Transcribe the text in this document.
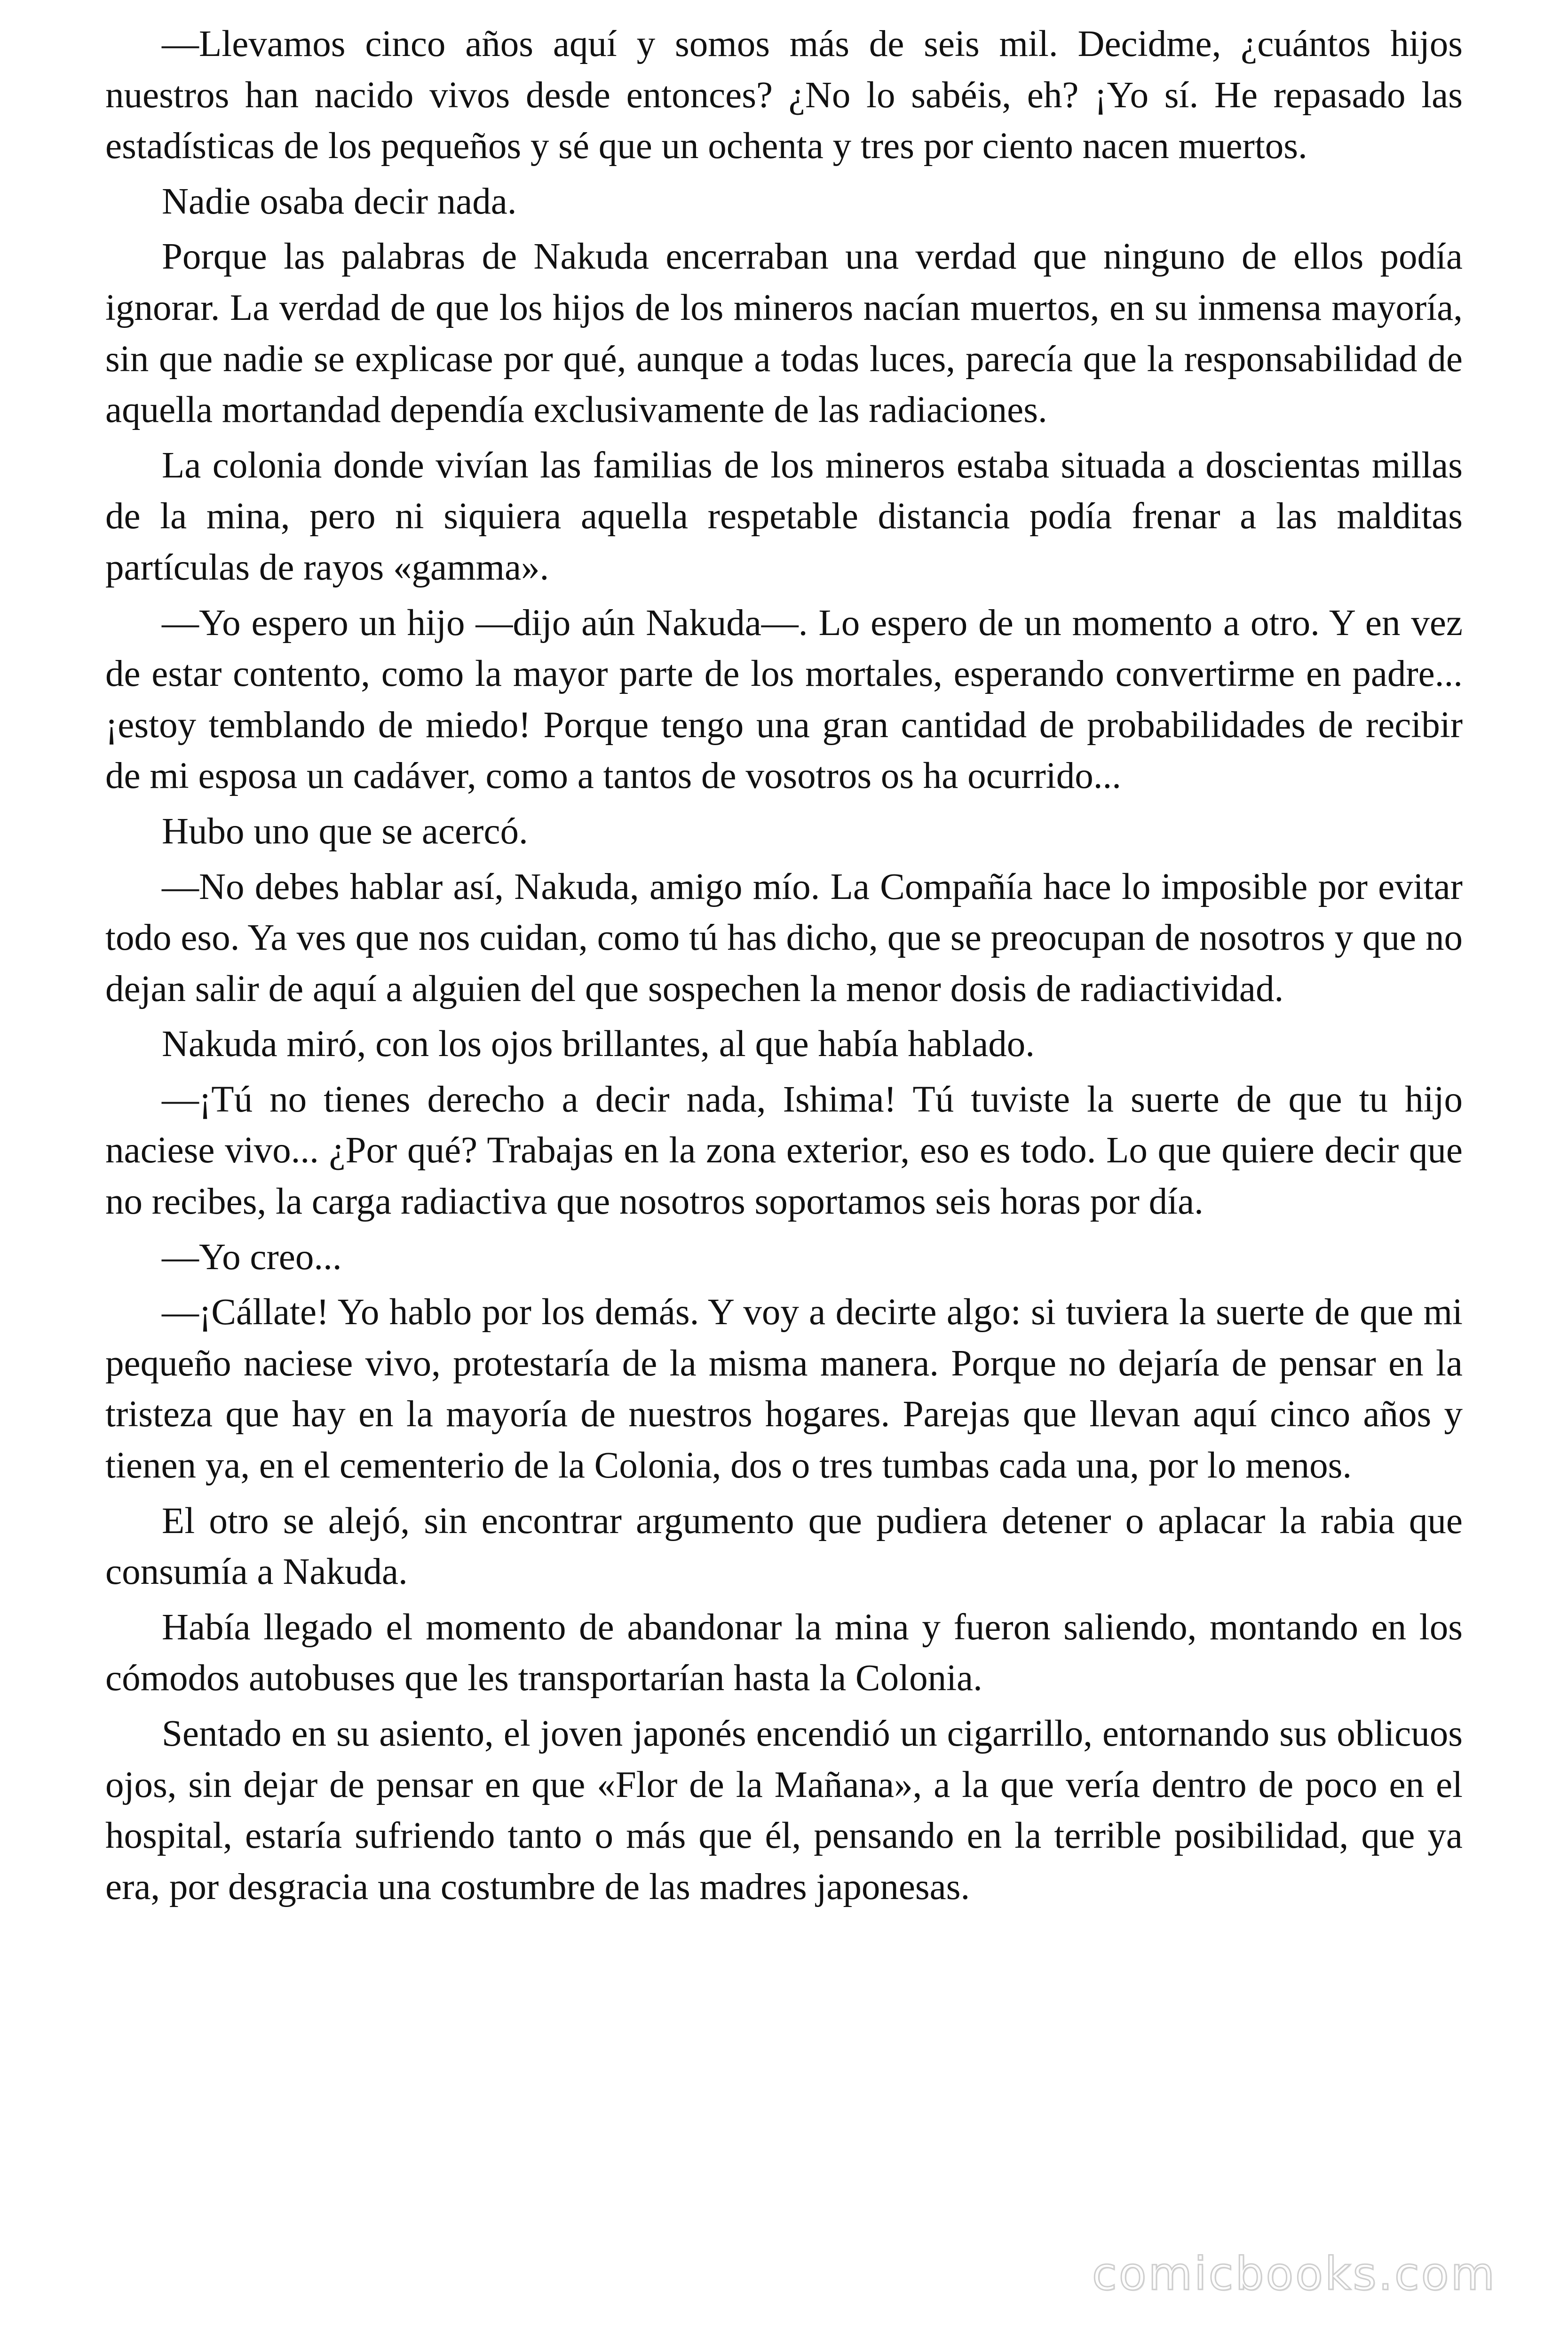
—Llevamos cinco años aquí y somos más de seis mil. Decidme, ¿cuántos hijos nuestros han nacido vivos desde entonces? ¿No lo sabéis, eh? ¡Yo sí. He repasado las estadísticas de los pequeños y sé que un ochenta y tres por ciento nacen muertos.

Nadie osaba decir nada.

Porque las palabras de Nakuda encerraban una verdad que ninguno de ellos podía ignorar. La verdad de que los hijos de los mineros nacían muertos, en su inmensa mayoría, sin que nadie se explicase por qué, aunque a todas luces, parecía que la responsabilidad de aquella mortandad dependía exclusivamente de las radiaciones.

La colonia donde vivían las familias de los mineros estaba situada a doscientas millas de la mina, pero ni siquiera aquella respetable distancia podía frenar a las malditas partículas de rayos «gamma».

—Yo espero un hijo —dijo aún Nakuda—. Lo espero de un momento a otro. Y en vez de estar contento, como la mayor parte de los mortales, esperando convertirme en padre... ¡estoy temblando de miedo! Porque tengo una gran cantidad de probabilidades de recibir de mi esposa un cadáver, como a tantos de vosotros os ha ocurrido...

Hubo uno que se acercó.

—No debes hablar así, Nakuda, amigo mío. La Compañía hace lo imposible por evitar todo eso. Ya ves que nos cuidan, como tú has dicho, que se preocupan de nosotros y que no dejan salir de aquí a alguien del que sospechen la menor dosis de radiactividad.

Nakuda miró, con los ojos brillantes, al que había hablado.

—¡Tú no tienes derecho a decir nada, Ishima! Tú tuviste la suerte de que tu hijo naciese vivo... ¿Por qué? Trabajas en la zona exterior, eso es todo. Lo que quiere decir que no recibes, la carga radiactiva que nosotros soportamos seis horas por día.

—Yo creo...

—¡Cállate! Yo hablo por los demás. Y voy a decirte algo: si tuviera la suerte de que mi pequeño naciese vivo, protestaría de la misma manera. Porque no dejaría de pensar en la tristeza que hay en la mayoría de nuestros hogares. Parejas que llevan aquí cinco años y tienen ya, en el cementerio de la Colonia, dos o tres tumbas cada una, por lo menos.

El otro se alejó, sin encontrar argumento que pudiera detener o aplacar la rabia que consumía a Nakuda.

Había llegado el momento de abandonar la mina y fueron saliendo, montando en los cómodos autobuses que les transportarían hasta la Colonia.

Sentado en su asiento, el joven japonés encendió un cigarrillo, entornando sus oblicuos ojos, sin dejar de pensar en que «Flor de la Mañana», a la que vería dentro de poco en el hospital, estaría sufriendo tanto o más que él, pensando en la terrible posibilidad, que ya era, por desgracia una costumbre de las madres japonesas.

comicbooks.com
